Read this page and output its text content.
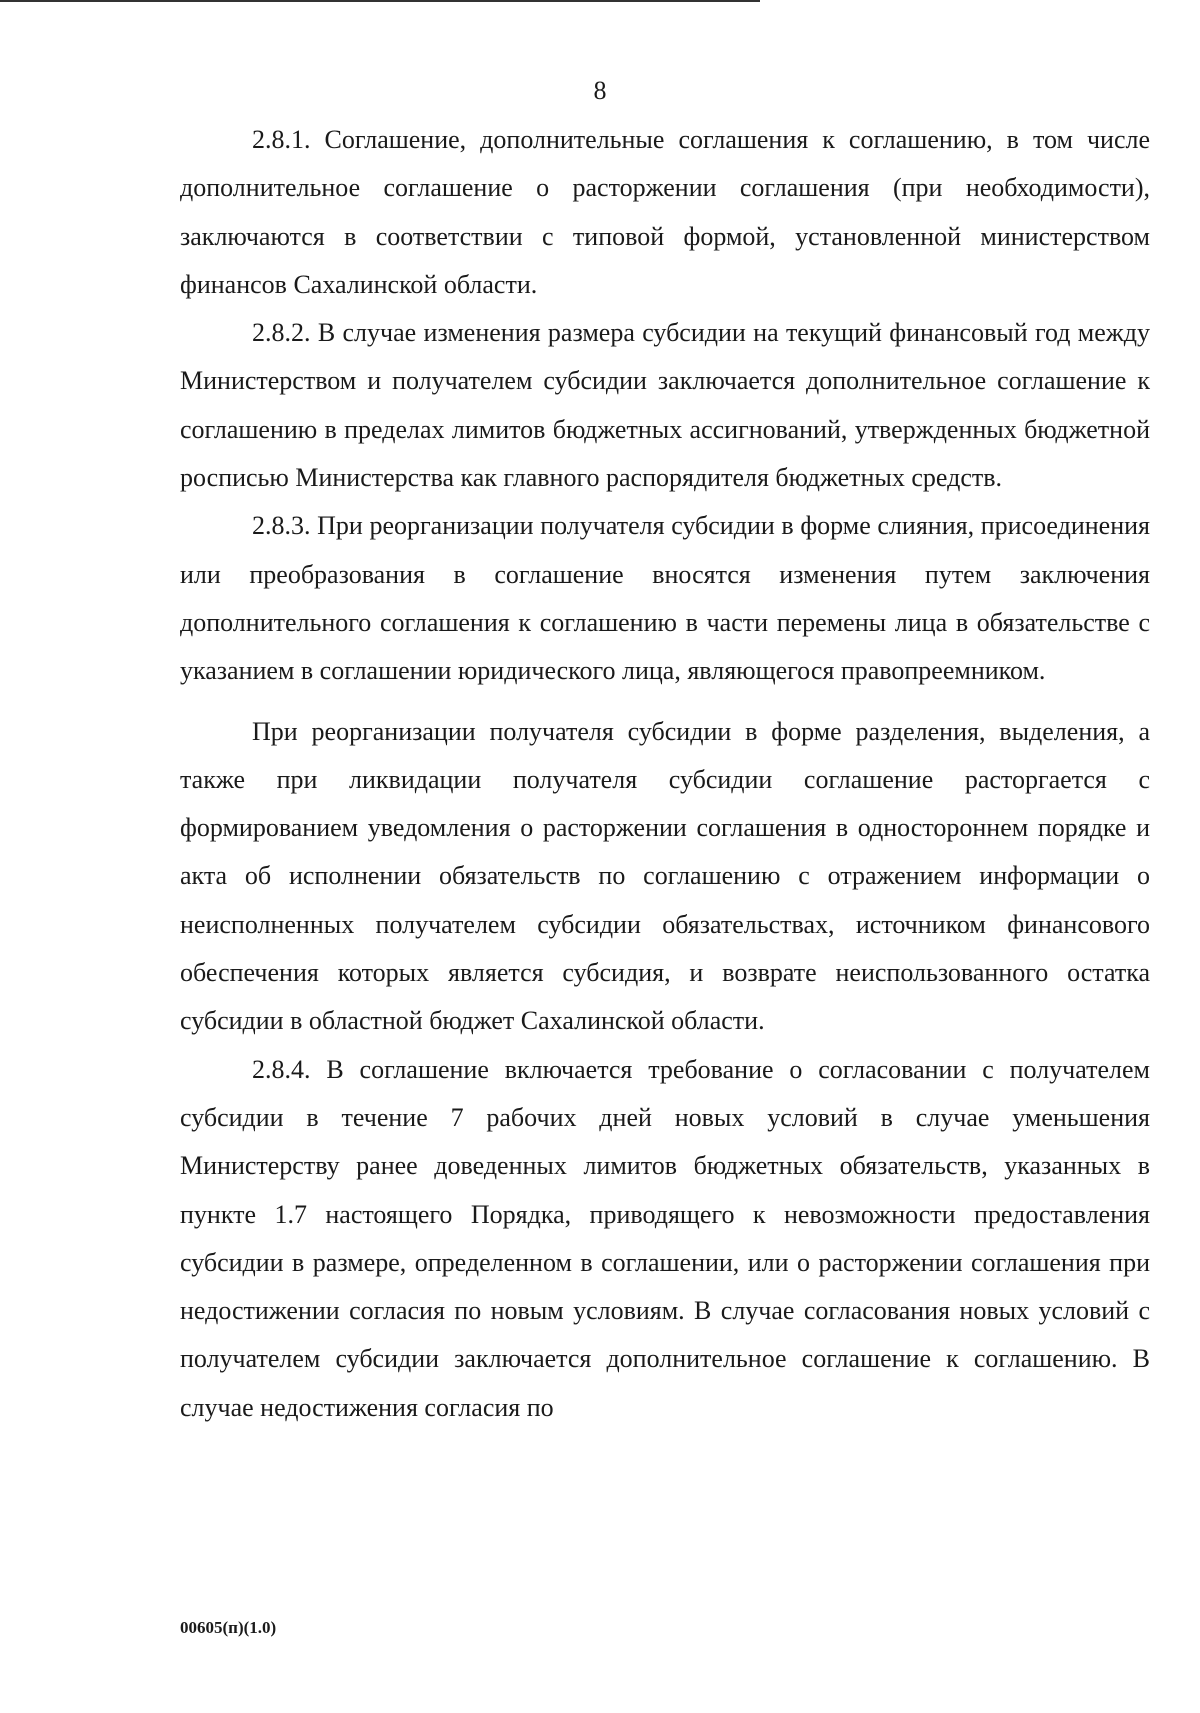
8

2.8.1. Соглашение, дополнительные соглашения к соглашению, в том числе дополнительное соглашение о расторжении соглашения (при необходимости), заключаются в соответствии с типовой формой, установленной министерством финансов Сахалинской области.

2.8.2. В случае изменения размера субсидии на текущий финансовый год между Министерством и получателем субсидии заключается дополнительное соглашение к соглашению в пределах лимитов бюджетных ассигнований, утвержденных бюджетной росписью Министерства как главного распорядителя бюджетных средств.

2.8.3. При реорганизации получателя субсидии в форме слияния, присоединения или преобразования в соглашение вносятся изменения путем заключения дополнительного соглашения к соглашению в части перемены лица в обязательстве с указанием в соглашении юридического лица, являющегося правопреемником.

При реорганизации получателя субсидии в форме разделения, выделения, а также при ликвидации получателя субсидии соглашение расторгается с формированием уведомления о расторжении соглашения в одностороннем порядке и акта об исполнении обязательств по соглашению с отражением информации о неисполненных получателем субсидии обязательствах, источником финансового обеспечения которых является субсидия, и возврате неиспользованного остатка субсидии в областной бюджет Сахалинской области.

2.8.4. В соглашение включается требование о согласовании с получателем субсидии в течение 7 рабочих дней новых условий в случае уменьшения Министерству ранее доведенных лимитов бюджетных обязательств, указанных в пункте 1.7 настоящего Порядка, приводящего к невозможности предоставления субсидии в размере, определенном в соглашении, или о расторжении соглашения при недостижении согласия по новым условиям. В случае согласования новых условий с получателем субсидии заключается дополнительное соглашение к соглашению. В случае недостижения согласия по

00605(п)(1.0)
